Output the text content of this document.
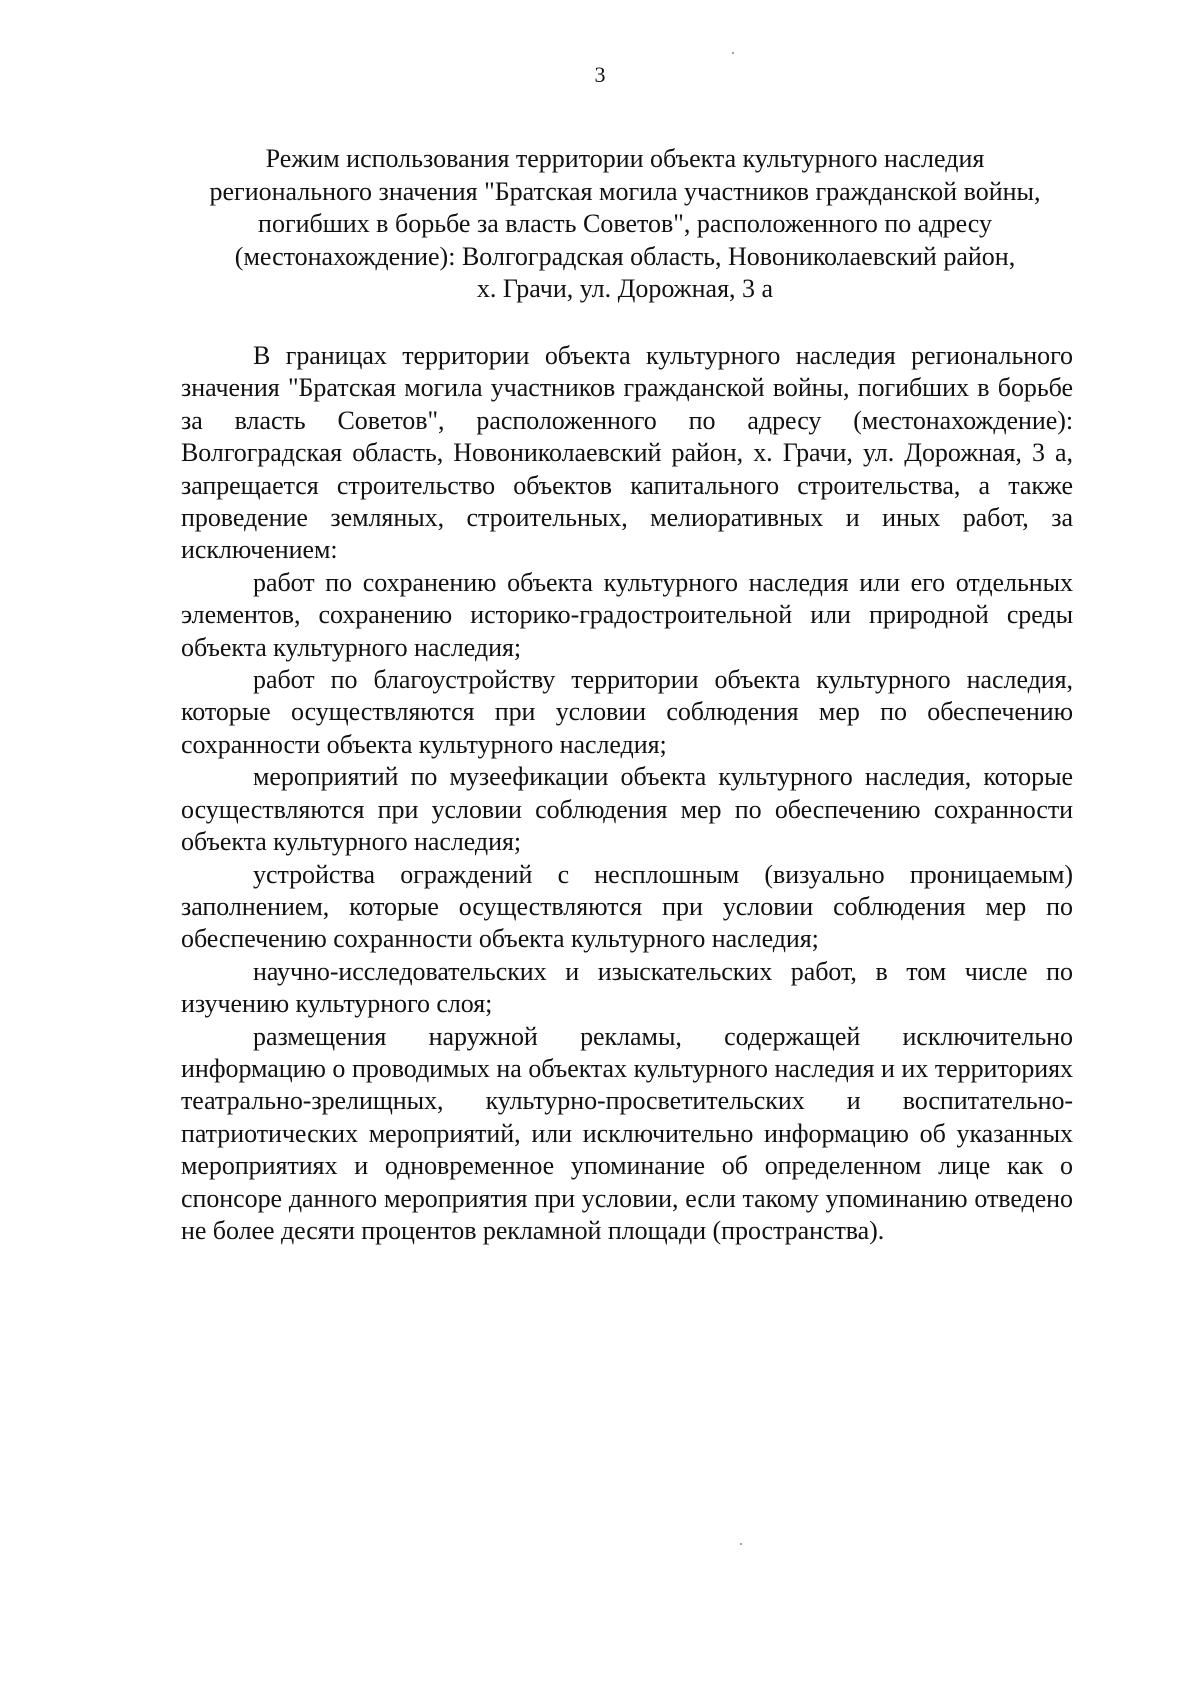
3
Режим использования территории объекта культурного наследия
регионального значения "Братская могила участников гражданской войны,
погибших в борьбе за власть Советов", расположенного по адресу
(местонахождение): Волгоградская область, Новониколаевский район,
х. Грачи, ул. Дорожная, 3 а

В границах территории объекта культурного наследия регионального значения "Братская могила участников гражданской войны, погибших в борьбе за власть Советов", расположенного по адресу (местонахождение): Волгоградская область, Новониколаевский район, х. Грачи, ул. Дорожная, 3 а, запрещается строительство объектов капитального строительства, а также проведение земляных, строительных, мелиоративных и иных работ, за исключением:

работ по сохранению объекта культурного наследия или его отдельных элементов, сохранению историко-градостроительной или природной среды объекта культурного наследия;

работ по благоустройству территории объекта культурного наследия, которые осуществляются при условии соблюдения мер по обеспечению сохранности объекта культурного наследия;

мероприятий по музеефикации объекта культурного наследия, которые осуществляются при условии соблюдения мер по обеспечению сохранности объекта культурного наследия;

устройства ограждений с несплошным (визуально проницаемым) заполнением, которые осуществляются при условии соблюдения мер по обеспечению сохранности объекта культурного наследия;

научно-исследовательских и изыскательских работ, в том числе по изучению культурного слоя;

размещения наружной рекламы, содержащей исключительно информацию о проводимых на объектах культурного наследия и их территориях театрально-зрелищных, культурно-просветительских и воспитательно-патриотических мероприятий, или исключительно информацию об указанных мероприятиях и одновременное упоминание об определенном лице как о спонсоре данного мероприятия при условии, если такому упоминанию отведено не более десяти процентов рекламной площади (пространства).
